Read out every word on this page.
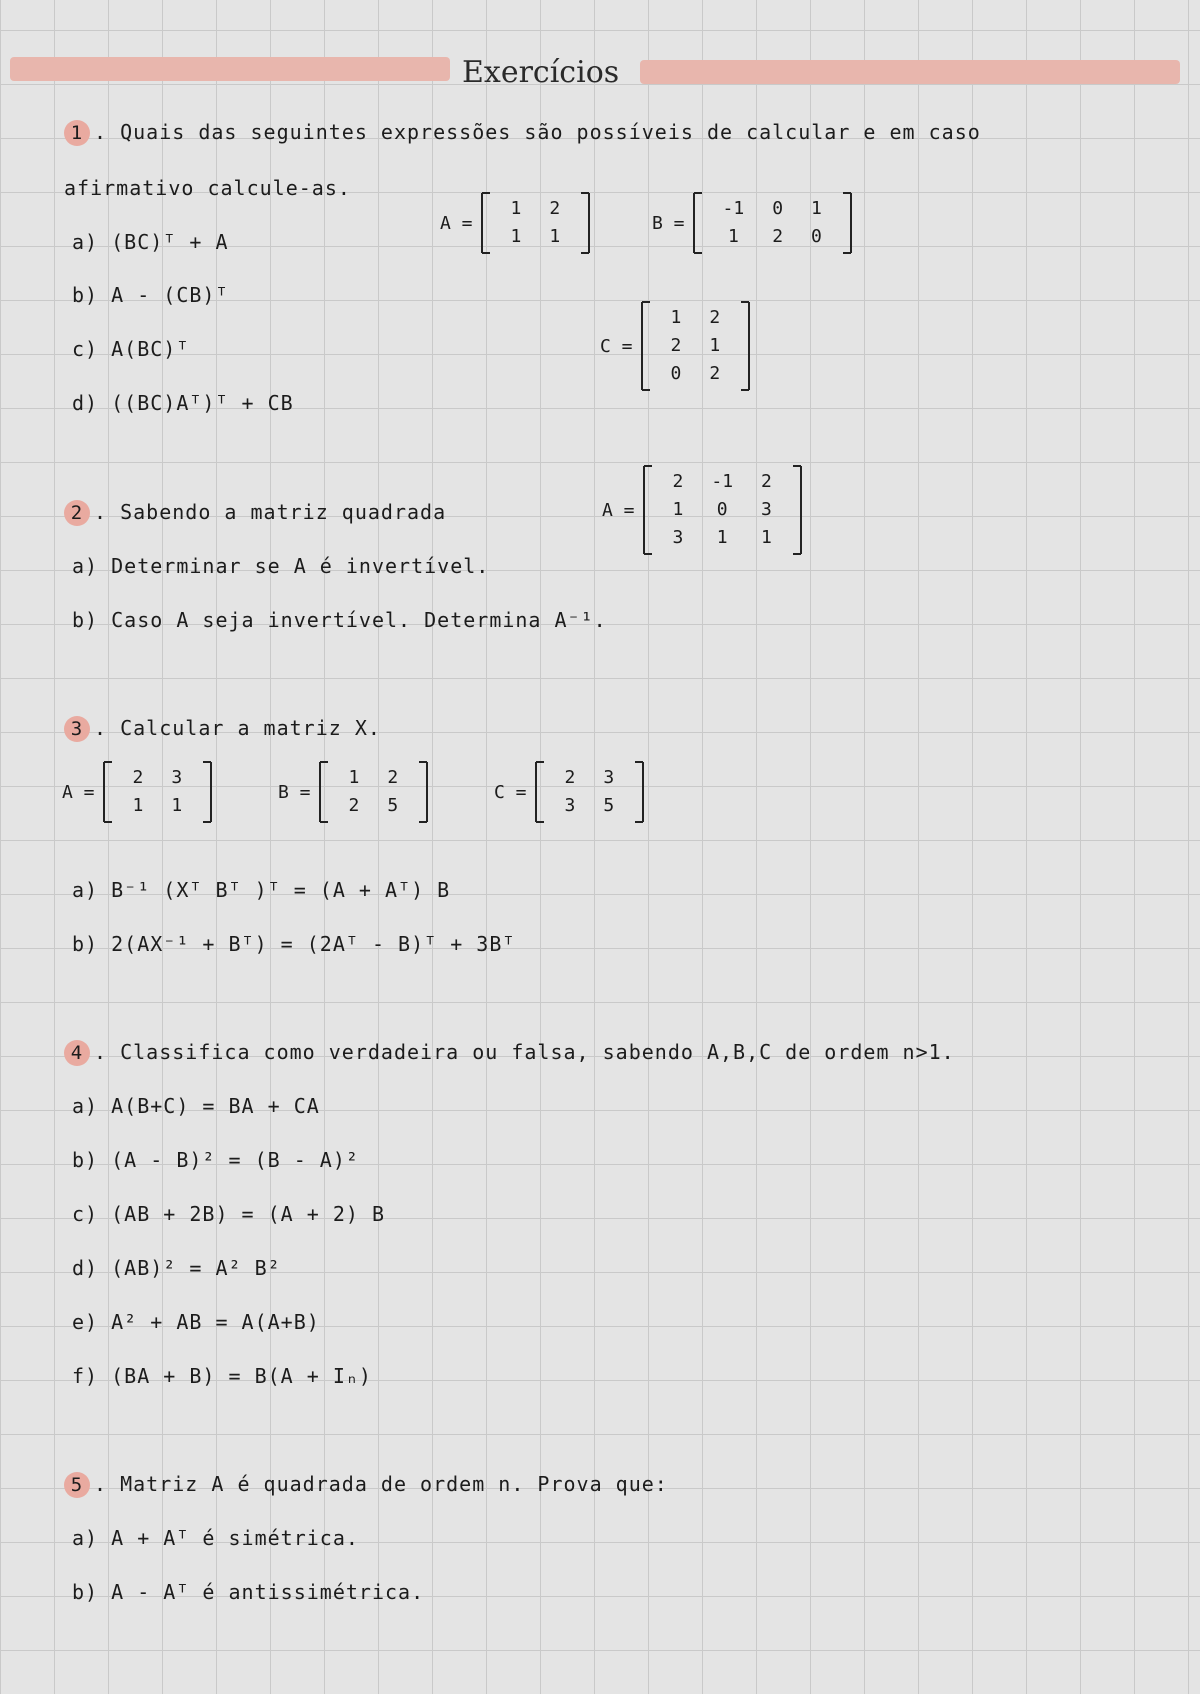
Exercícios
1 . Quais das seguintes expressões são possíveis de calcular e em caso
afirmativo calcule-as.
a) (BC)ᵀ + A
b) A - (CB)ᵀ
c) A(BC)ᵀ
d) ((BC)Aᵀ)ᵀ + CB
A =
1	2
1	1
B =
-1	0	1
1	2	0
C =
1	2
2	1
0	2
2 . Sabendo a matriz quadrada	A =
2	-1	2
1	0	3
3	1	1
a) Determinar se A é invertível.
b) Caso A seja invertível. Determina A⁻¹.
3 . Calcular a matriz X.
A =
2	3
1	1
B =
1	2
2	5
C =
2	3
3	5
a) B⁻¹ (Xᵀ Bᵀ )ᵀ = (A + Aᵀ) B
b) 2(AX⁻¹ + Bᵀ) = (2Aᵀ - B)ᵀ + 3Bᵀ
4 . Classifica como verdadeira ou falsa, sabendo A,B,C de ordem n>1.
a) A(B+C) = BA + CA
b) (A - B)² = (B - A)²
c) (AB + 2B) = (A + 2) B
d) (AB)² = A² B²
e) A² + AB = A(A+B)
f) (BA + B) = B(A + Iₙ)
5 . Matriz A é quadrada de ordem n. Prova que:
a) A + Aᵀ é simétrica.
b) A - Aᵀ é antissimétrica.
